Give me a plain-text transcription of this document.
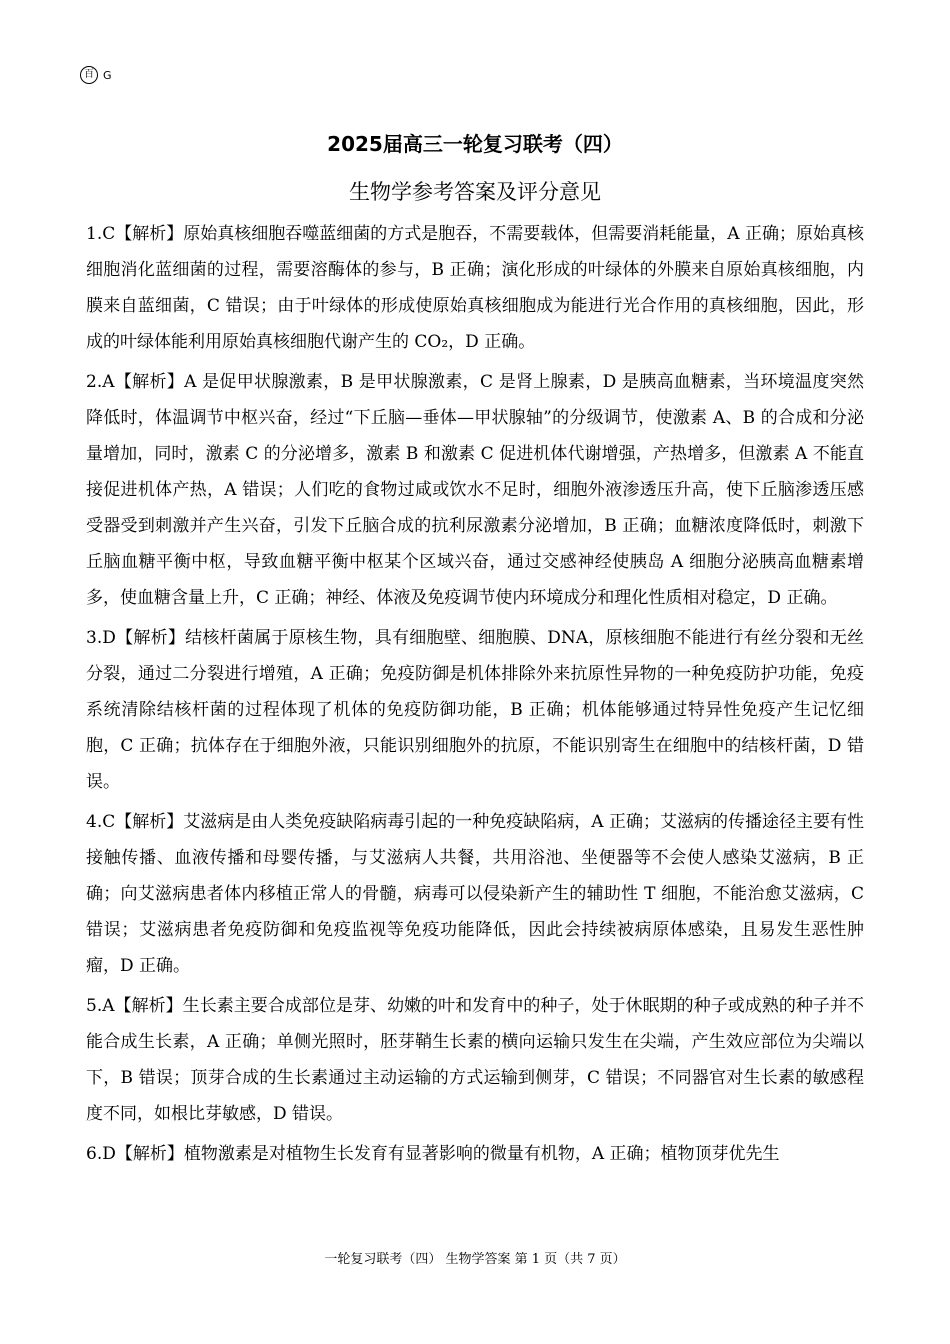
百 G
2025届高三一轮复习联考（四）
生物学参考答案及评分意见

1.C【解析】原始真核细胞吞噬蓝细菌的方式是胞吞，不需要载体，但需要消耗能量，A 正确；原始真核细胞消化蓝细菌的过程，需要溶酶体的参与，B 正确；演化形成的叶绿体的外膜来自原始真核细胞，内膜来自蓝细菌，C 错误；由于叶绿体的形成使原始真核细胞成为能进行光合作用的真核细胞，因此，形成的叶绿体能利用原始真核细胞代谢产生的 CO₂，D 正确。

2.A【解析】A 是促甲状腺激素，B 是甲状腺激素，C 是肾上腺素，D 是胰高血糖素，当环境温度突然降低时，体温调节中枢兴奋，经过“下丘脑—垂体—甲状腺轴”的分级调节，使激素 A、B 的合成和分泌量增加，同时，激素 C 的分泌增多，激素 B 和激素 C 促进机体代谢增强，产热增多，但激素 A 不能直接促进机体产热，A 错误；人们吃的食物过咸或饮水不足时，细胞外液渗透压升高，使下丘脑渗透压感受器受到刺激并产生兴奋，引发下丘脑合成的抗利尿激素分泌增加，B 正确；血糖浓度降低时，刺激下丘脑血糖平衡中枢，导致血糖平衡中枢某个区域兴奋，通过交感神经使胰岛 A 细胞分泌胰高血糖素增多，使血糖含量上升，C 正确；神经、体液及免疫调节使内环境成分和理化性质相对稳定，D 正确。

3.D【解析】结核杆菌属于原核生物，具有细胞壁、细胞膜、DNA，原核细胞不能进行有丝分裂和无丝分裂，通过二分裂进行增殖，A 正确；免疫防御是机体排除外来抗原性异物的一种免疫防护功能，免疫系统清除结核杆菌的过程体现了机体的免疫防御功能，B 正确；机体能够通过特异性免疫产生记忆细胞，C 正确；抗体存在于细胞外液，只能识别细胞外的抗原，不能识别寄生在细胞中的结核杆菌，D 错误。

4.C【解析】艾滋病是由人类免疫缺陷病毒引起的一种免疫缺陷病，A 正确；艾滋病的传播途径主要有性接触传播、血液传播和母婴传播，与艾滋病人共餐，共用浴池、坐便器等不会使人感染艾滋病，B 正确；向艾滋病患者体内移植正常人的骨髓，病毒可以侵染新产生的辅助性 T 细胞，不能治愈艾滋病，C 错误；艾滋病患者免疫防御和免疫监视等免疫功能降低，因此会持续被病原体感染，且易发生恶性肿瘤，D 正确。

5.A【解析】生长素主要合成部位是芽、幼嫩的叶和发育中的种子，处于休眠期的种子或成熟的种子并不能合成生长素，A 正确；单侧光照时，胚芽鞘生长素的横向运输只发生在尖端，产生效应部位为尖端以下，B 错误；顶芽合成的生长素通过主动运输的方式运输到侧芽，C 错误；不同器官对生长素的敏感程度不同，如根比芽敏感，D 错误。

6.D【解析】植物激素是对植物生长发育有显著影响的微量有机物，A 正确；植物顶芽优先生

一轮复习联考（四） 生物学答案 第 1 页（共 7 页）
